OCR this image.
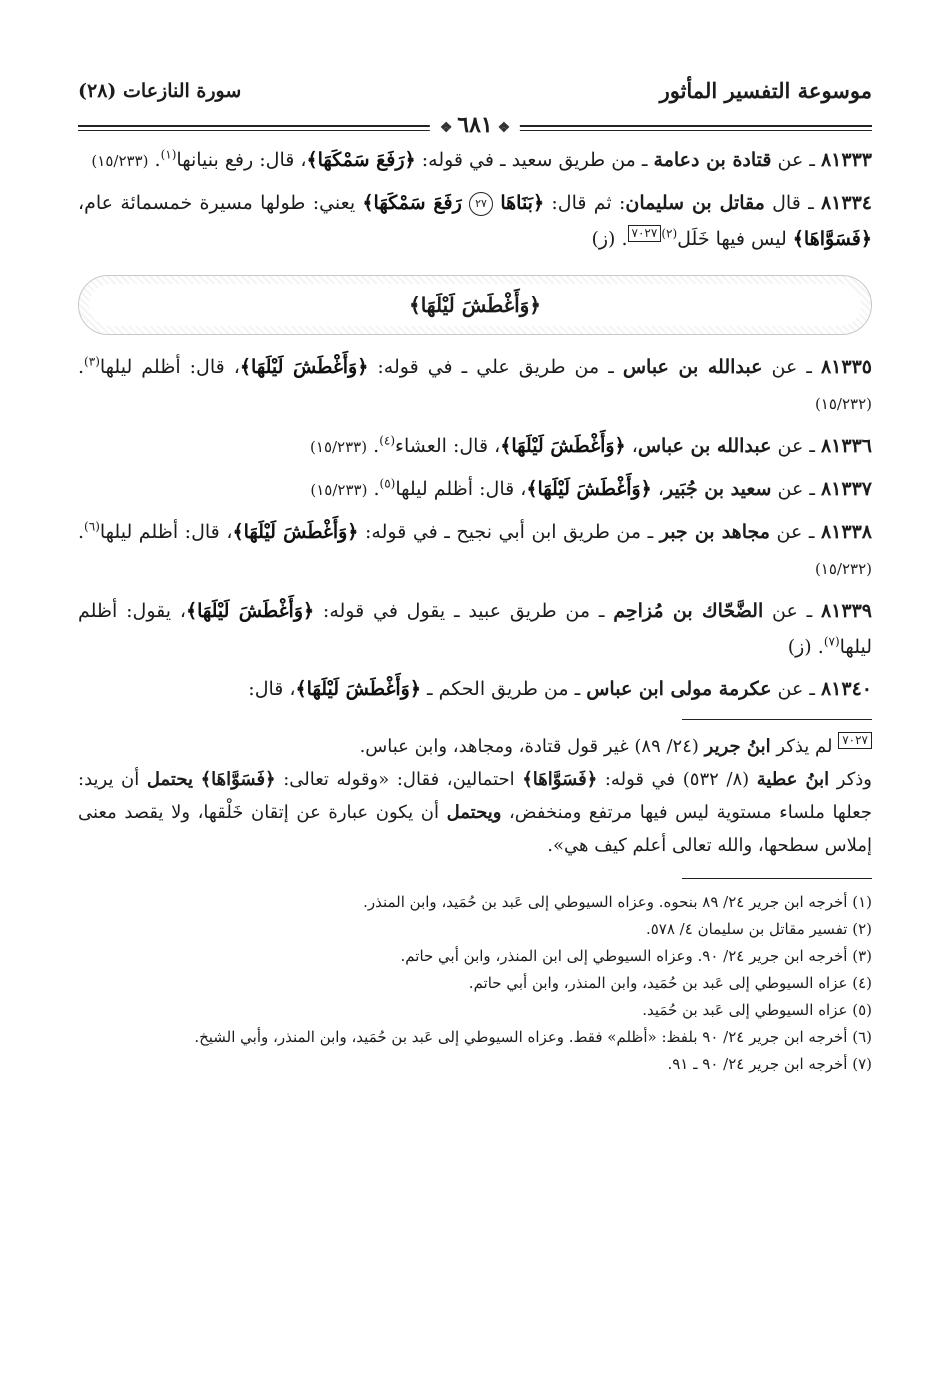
موسوعة التفسير المأثور
سورة النازعات (٢٨)
❖ ٦٨١ ❖
٨١٣٣٣ ـ عن قتادة بن دعامة ـ من طريق سعيد ـ في قوله: ﴿رَفَعَ سَمْكَهَا﴾، قال: رفع بنيانها$^{(١)}$. (١٥/٢٣٣)
٨١٣٣٤ ـ قال مقاتل بن سليمان: ثم قال: ﴿بَنَاهَا ٢٧ رَفَعَ سَمْكَهَا﴾ يعني: طولها مسيرة خمسمائة عام، ﴿فَسَوَّاهَا﴾ ليس فيها خَلَل$^{(٢)}$٧٠٢٧. (ز)
﴿وَأَغْطَشَ لَيْلَهَا﴾
٨١٣٣٥ ـ عن عبدالله بن عباس ـ من طريق علي ـ في قوله: ﴿وَأَغْطَشَ لَيْلَهَا﴾، قال: أظلم ليلها$^{(٣)}$. (١٥/٢٣٢)
٨١٣٣٦ ـ عن عبدالله بن عباس، ﴿وَأَغْطَشَ لَيْلَهَا﴾، قال: العشاء$^{(٤)}$. (١٥/٢٣٣)
٨١٣٣٧ ـ عن سعيد بن جُبَير، ﴿وَأَغْطَشَ لَيْلَهَا﴾، قال: أظلم ليلها$^{(٥)}$. (١٥/٢٣٣)
٨١٣٣٨ ـ عن مجاهد بن جبر ـ من طريق ابن أبي نجيح ـ في قوله: ﴿وَأَغْطَشَ لَيْلَهَا﴾، قال: أظلم ليلها$^{(٦)}$. (١٥/٢٣٢)
٨١٣٣٩ ـ عن الضَّحّاك بن مُزاحِم ـ من طريق عبيد ـ يقول في قوله: ﴿وَأَغْطَشَ لَيْلَهَا﴾، يقول: أظلم ليلها$^{(٧)}$. (ز)
٨١٣٤٠ ـ عن عكرمة مولى ابن عباس ـ من طريق الحكم ـ ﴿وَأَغْطَشَ لَيْلَهَا﴾، قال:
٧٠٢٧ لم يذكر ابنُ جرير (٢٤/ ٨٩) غير قول قتادة، ومجاهد، وابن عباس.
وذكر ابنُ عطية (٨/ ٥٣٢) في قوله: ﴿فَسَوَّاهَا﴾ احتمالين، فقال: «وقوله تعالى: ﴿فَسَوَّاهَا﴾ يحتمل أن يريد: جعلها ملساء مستوية ليس فيها مرتفع ومنخفض، ويحتمل أن يكون عبارة عن إتقان خَلْقها، ولا يقصد معنى إملاس سطحها، والله تعالى أعلم كيف هي».
(١) أخرجه ابن جرير ٢٤/ ٨٩ بنحوه. وعزاه السيوطي إلى عَبد بن حُمَيد، وابن المنذر.
(٢) تفسير مقاتل بن سليمان ٤/ ٥٧٨.
(٣) أخرجه ابن جرير ٢٤/ ٩٠. وعزاه السيوطي إلى ابن المنذر، وابن أبي حاتم.
(٤) عزاه السيوطي إلى عَبد بن حُمَيد، وابن المنذر، وابن أبي حاتم.
(٥) عزاه السيوطي إلى عَبد بن حُمَيد.
(٦) أخرجه ابن جرير ٢٤/ ٩٠ بلفظ: «أظلم» فقط. وعزاه السيوطي إلى عَبد بن حُمَيد، وابن المنذر، وأبي الشيخ.
(٧) أخرجه ابن جرير ٢٤/ ٩٠ ـ ٩١.
